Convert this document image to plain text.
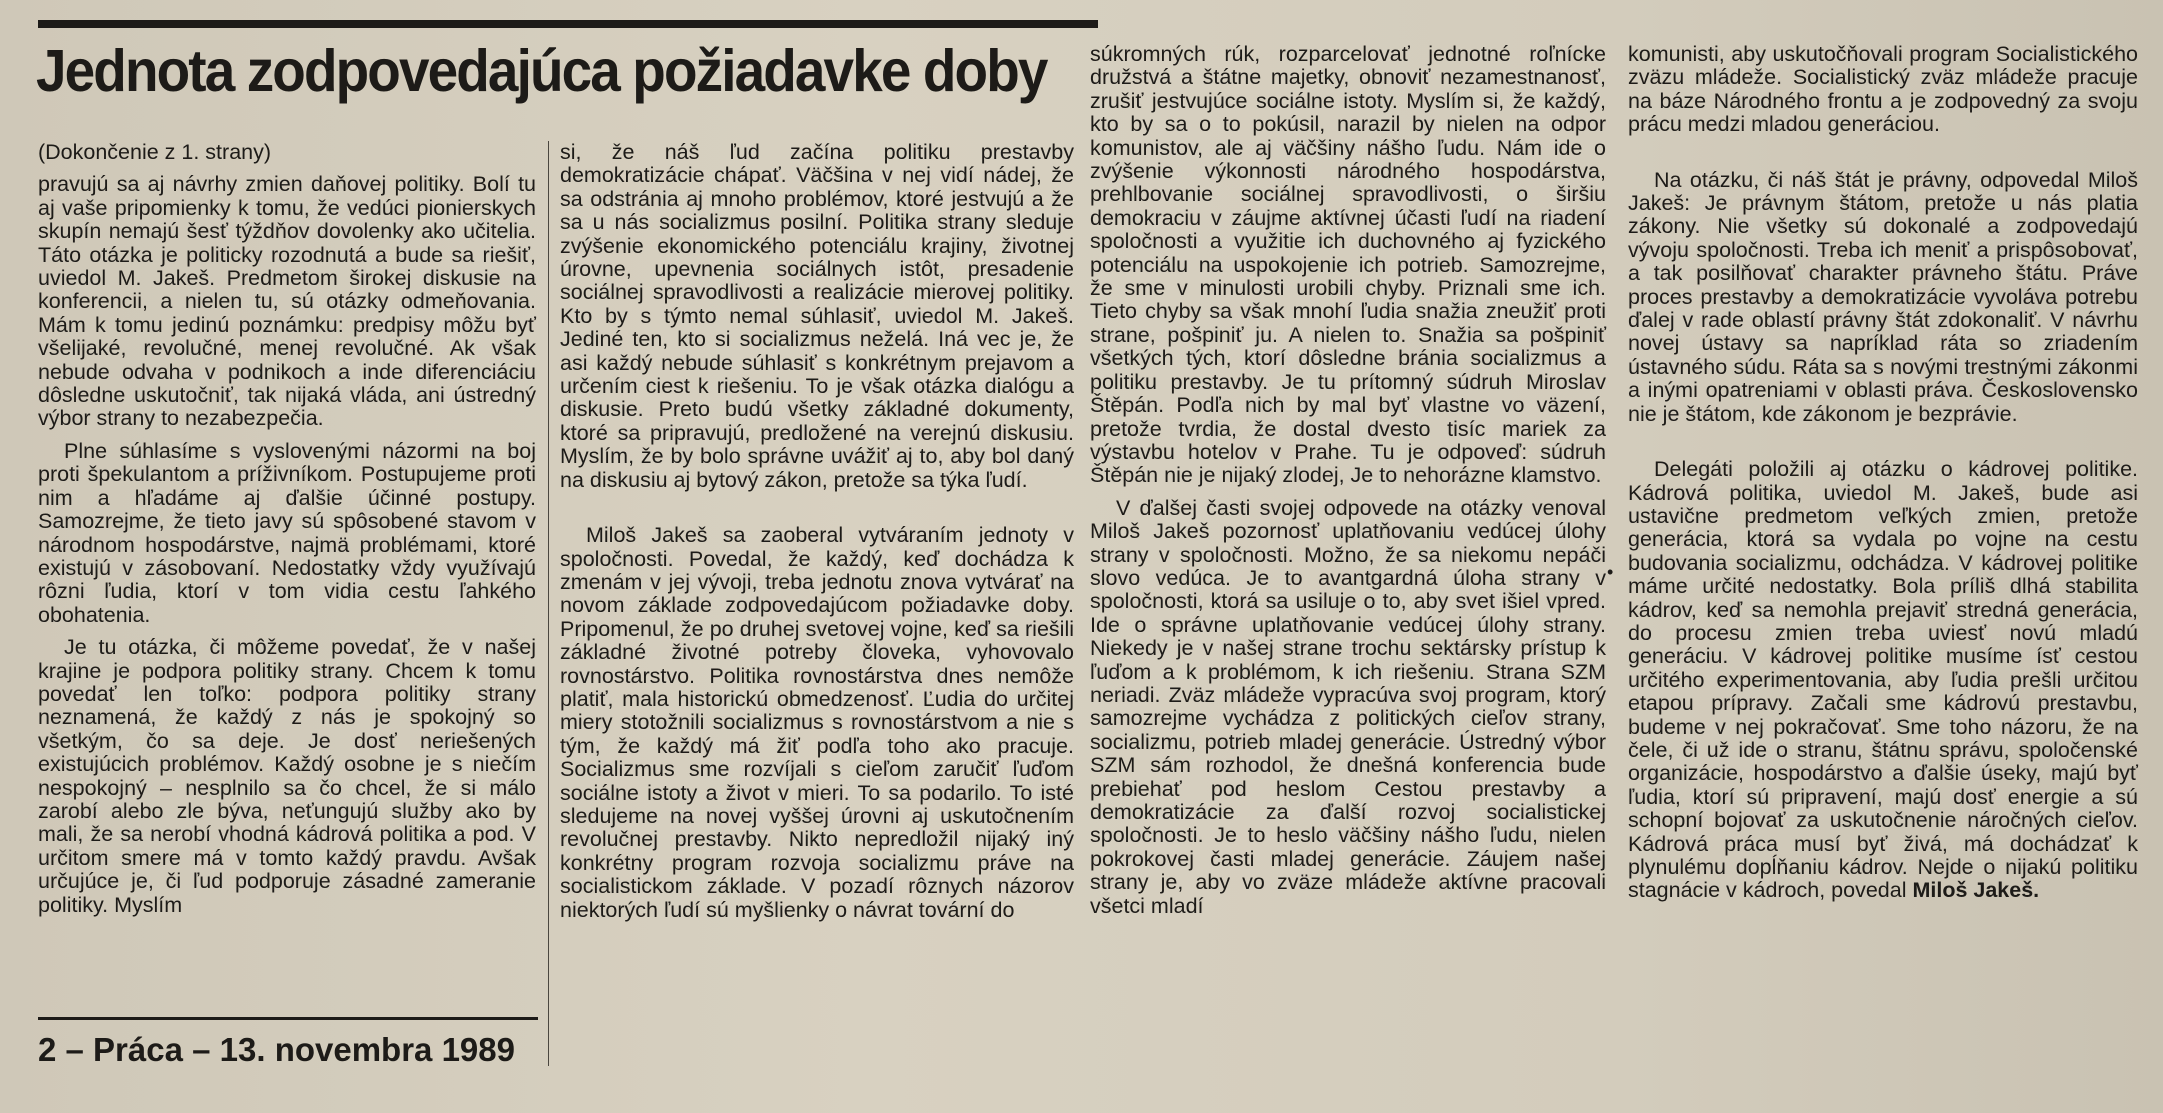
Jednota zodpovedajúca požiadavke doby

(Dokončenie z 1. strany)

pravujú sa aj návrhy zmien daňovej politiky. Bolí tu aj vaše pripomienky k tomu, že vedúci pionierskych skupín nemajú šesť týždňov dovolenky ako učitelia. Táto otázka je politicky rozodnutá a bude sa riešiť, uviedol M. Jakeš. Predmetom širokej diskusie na konferencii, a nielen tu, sú otázky odmeňovania. Mám k tomu jedinú poznámku: predpisy môžu byť všelijaké, revolučné, menej revolučné. Ak však nebude odvaha v podnikoch a inde diferenciáciu dôsledne uskutočniť, tak nijaká vláda, ani ústredný výbor strany to nezabezpečia.

Plne súhlasíme s vyslovenými názormi na boj proti špekulantom a príživníkom. Postupujeme proti nim a hľadáme aj ďalšie účinné postupy. Samozrejme, že tieto javy sú spôsobené stavom v národnom hospodárstve, najmä problémami, ktoré existujú v zásobovaní. Nedostatky vždy využívajú rôzni ľudia, ktorí v tom vidia cestu ľahkého obohatenia.

Je tu otázka, či môžeme povedať, že v našej krajine je podpora politiky strany. Chcem k tomu povedať len toľko: podpora politiky strany neznamená, že každý z nás je spokojný so všetkým, čo sa deje. Je dosť neriešených existujúcich problémov. Každý osobne je s niečím nespokojný – nesplnilo sa čo chcel, že si málo zarobí alebo zle býva, neťungujú služby ako by mali, že sa nerobí vhodná kádrová politika a pod. V určitom smere má v tomto každý pravdu. Avšak určujúce je, či ľud podporuje zásadné zameranie politiky. Myslím

si, že náš ľud začína politiku prestavby demokratizácie chápať. Väčšina v nej vidí nádej, že sa odstránia aj mnoho problémov, ktoré jestvujú a že sa u nás socializmus posilní. Politika strany sleduje zvýšenie ekonomického potenciálu krajiny, životnej úrovne, upevnenia sociálnych istôt, presadenie sociálnej spravodlivosti a realizácie mierovej politiky. Kto by s týmto nemal súhlasiť, uviedol M. Jakeš. Jediné ten, kto si socializmus neželá. Iná vec je, že asi každý nebude súhlasiť s konkrétnym prejavom a určením ciest k riešeniu. To je však otázka dialógu a diskusie. Preto budú všetky základné dokumenty, ktoré sa pripravujú, predložené na verejnú diskusiu. Myslím, že by bolo správne uvážiť aj to, aby bol daný na diskusiu aj bytový zákon, pretože sa týka ľudí.

Miloš Jakeš sa zaoberal vytváraním jednoty v spoločnosti. Povedal, že každý, keď dochádza k zmenám v jej vývoji, treba jednotu znova vytvárať na novom základe zodpovedajúcom požiadavke doby. Pripomenul, že po druhej svetovej vojne, keď sa riešili základné životné potreby človeka, vyhovovalo rovnostárstvo. Politika rovnostárstva dnes nemôže platiť, mala historickú obmedzenosť. Ľudia do určitej miery stotožnili socializmus s rovnostárstvom a nie s tým, že každý má žiť podľa toho ako pracuje. Socializmus sme rozvíjali s cieľom zaručiť ľuďom sociálne istoty a život v mieri. To sa podarilo. To isté sledujeme na novej vyššej úrovni aj uskutočnením revolučnej prestavby. Nikto nepredložil nijaký iný konkrétny program rozvoja socializmu práve na socialistickom základe. V pozadí rôznych názorov niektorých ľudí sú myšlienky o návrat tovární do

súkromných rúk, rozparcelovať jednotné roľnícke družstvá a štátne majetky, obnoviť nezamestnanosť, zrušiť jestvujúce sociálne istoty. Myslím si, že každý, kto by sa o to pokúsil, narazil by nielen na odpor komunistov, ale aj väčšiny nášho ľudu. Nám ide o zvýšenie výkonnosti národného hospodárstva, prehlbovanie sociálnej spravodlivosti, o širšiu demokraciu v záujme aktívnej účasti ľudí na riadení spoločnosti a využitie ich duchovného aj fyzického potenciálu na uspokojenie ich potrieb. Samozrejme, že sme v minulosti urobili chyby. Priznali sme ich. Tieto chyby sa však mnohí ľudia snažia zneužiť proti strane, pošpiniť ju. A nielen to. Snažia sa pošpiniť všetkých tých, ktorí dôsledne bránia socializmus a politiku prestavby. Je tu prítomný súdruh Miroslav Štěpán. Podľa nich by mal byť vlastne vo väzení, pretože tvrdia, že dostal dvesto tisíc mariek za výstavbu hotelov v Prahe. Tu je odpoveď: súdruh Štěpán nie je nijaký zlodej, Je to nehorázne klamstvo.

V ďalšej časti svojej odpovede na otázky venoval Miloš Jakeš pozornosť uplatňovaniu vedúcej úlohy strany v spoločnosti. Možno, že sa niekomu nepáči slovo vedúca. Je to avantgardná úloha strany v spoločnosti, ktorá sa usiluje o to, aby svet išiel vpred. Ide o správne uplatňovanie vedúcej úlohy strany. Niekedy je v našej strane trochu sektársky prístup k ľuďom a k problémom, k ich riešeniu. Strana SZM neriadi. Zväz mládeže vypracúva svoj program, ktorý samozrejme vychádza z politických cieľov strany, socializmu, potrieb mladej generácie. Ústredný výbor SZM sám rozhodol, že dnešná konferencia bude prebiehať pod heslom Cestou prestavby a demokratizácie za ďalší rozvoj socialistickej spoločnosti. Je to heslo väčšiny nášho ľudu, nielen pokrokovej časti mladej generácie. Záujem našej strany je, aby vo zväze mládeže aktívne pracovali všetci mladí

•

komunisti, aby uskutočňovali program Socialistického zväzu mládeže. Socialistický zväz mládeže pracuje na báze Národného frontu a je zodpovedný za svoju prácu medzi mladou generáciou.

Na otázku, či náš štát je právny, odpovedal Miloš Jakeš: Je právnym štátom, pretože u nás platia zákony. Nie všetky sú dokonalé a zodpovedajú vývoju spoločnosti. Treba ich meniť a prispôsobovať, a tak posilňovať charakter právneho štátu. Práve proces prestavby a demokratizácie vyvoláva potrebu ďalej v rade oblastí právny štát zdokonaliť. V návrhu novej ústavy sa napríklad ráta so zriadením ústavného súdu. Ráta sa s novými trestnými zákonmi a inými opatreniami v oblasti práva. Československo nie je štátom, kde zákonom je bezprávie.

Delegáti položili aj otázku o kádrovej politike. Kádrová politika, uviedol M. Jakeš, bude asi ustavične predmetom veľkých zmien, pretože generácia, ktorá sa vydala po vojne na cestu budovania socializmu, odchádza. V kádrovej politike máme určité nedostatky. Bola príliš dlhá stabilita kádrov, keď sa nemohla prejaviť stredná generácia, do procesu zmien treba uviesť novú mladú generáciu. V kádrovej politike musíme ísť cestou určitého experimentovania, aby ľudia prešli určitou etapou prípravy. Začali sme kádrovú prestavbu, budeme v nej pokračovať. Sme toho názoru, že na čele, či už ide o stranu, štátnu správu, spoločenské organizácie, hospodárstvo a ďalšie úseky, majú byť ľudia, ktorí sú pripravení, majú dosť energie a sú schopní bojovať za uskutočnenie náročných cieľov. Kádrová práca musí byť živá, má dochádzať k plynulému dopĺňaniu kádrov. Nejde o nijakú politiku stagnácie v kádroch, povedal Miloš Jakeš.

2 – Práca – 13. novembra 1989
